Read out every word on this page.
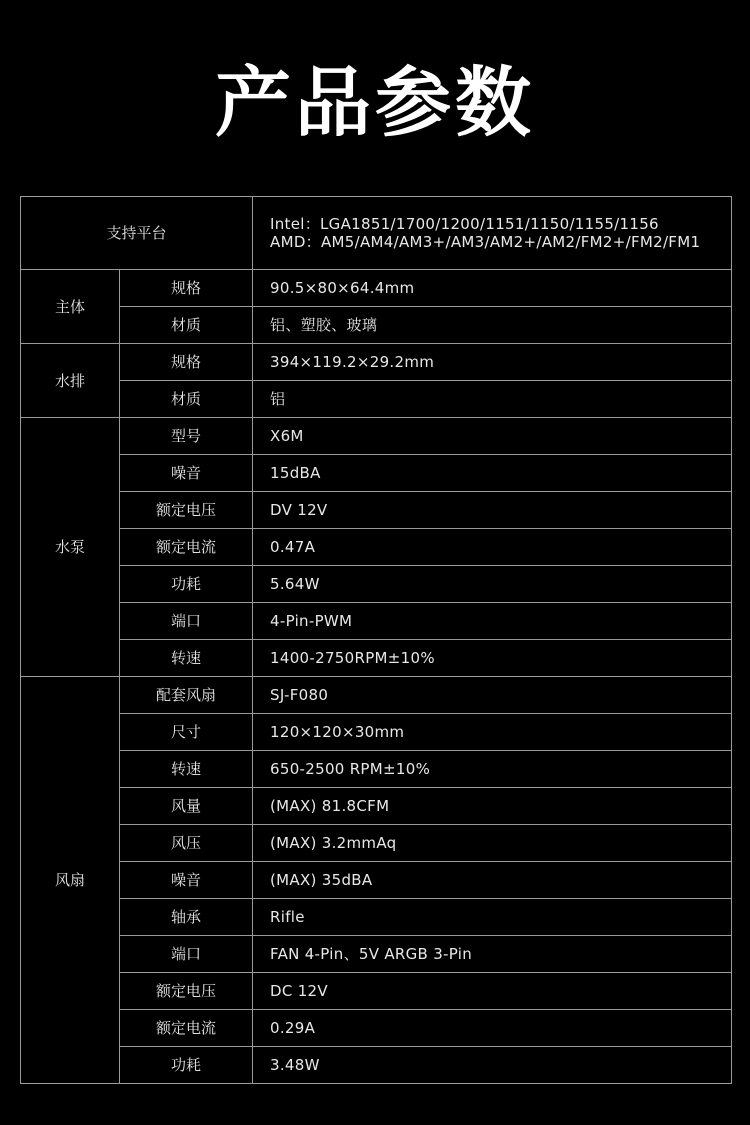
产品参数
支持平台		Intel：LGA1851/1700/1200/1151/1150/1155/1156
AMD：AM5/AM4/AM3+/AM3/AM2+/AM2/FM2+/FM2/FM1

主体	规格	90.5×80×64.4mm
	材质	铝、塑胶、玻璃
水排	规格	394×119.2×29.2mm
	材质	铝
水泵	型号	X6M
	噪音	15dBA
	额定电压	DV 12V
	额定电流	0.47A
	功耗	5.64W
	端口	4-Pin-PWM
	转速	1400-2750RPM±10%
风扇	配套风扇	SJ-F080
	尺寸	120×120×30mm
	转速	650-2500 RPM±10%
	风量	(MAX) 81.8CFM
	风压	(MAX) 3.2mmAq
	噪音	(MAX) 35dBA
	轴承	Rifle
	端口	FAN 4-Pin、5V ARGB 3-Pin
	额定电压	DC 12V
	额定电流	0.29A
	功耗	3.48W
